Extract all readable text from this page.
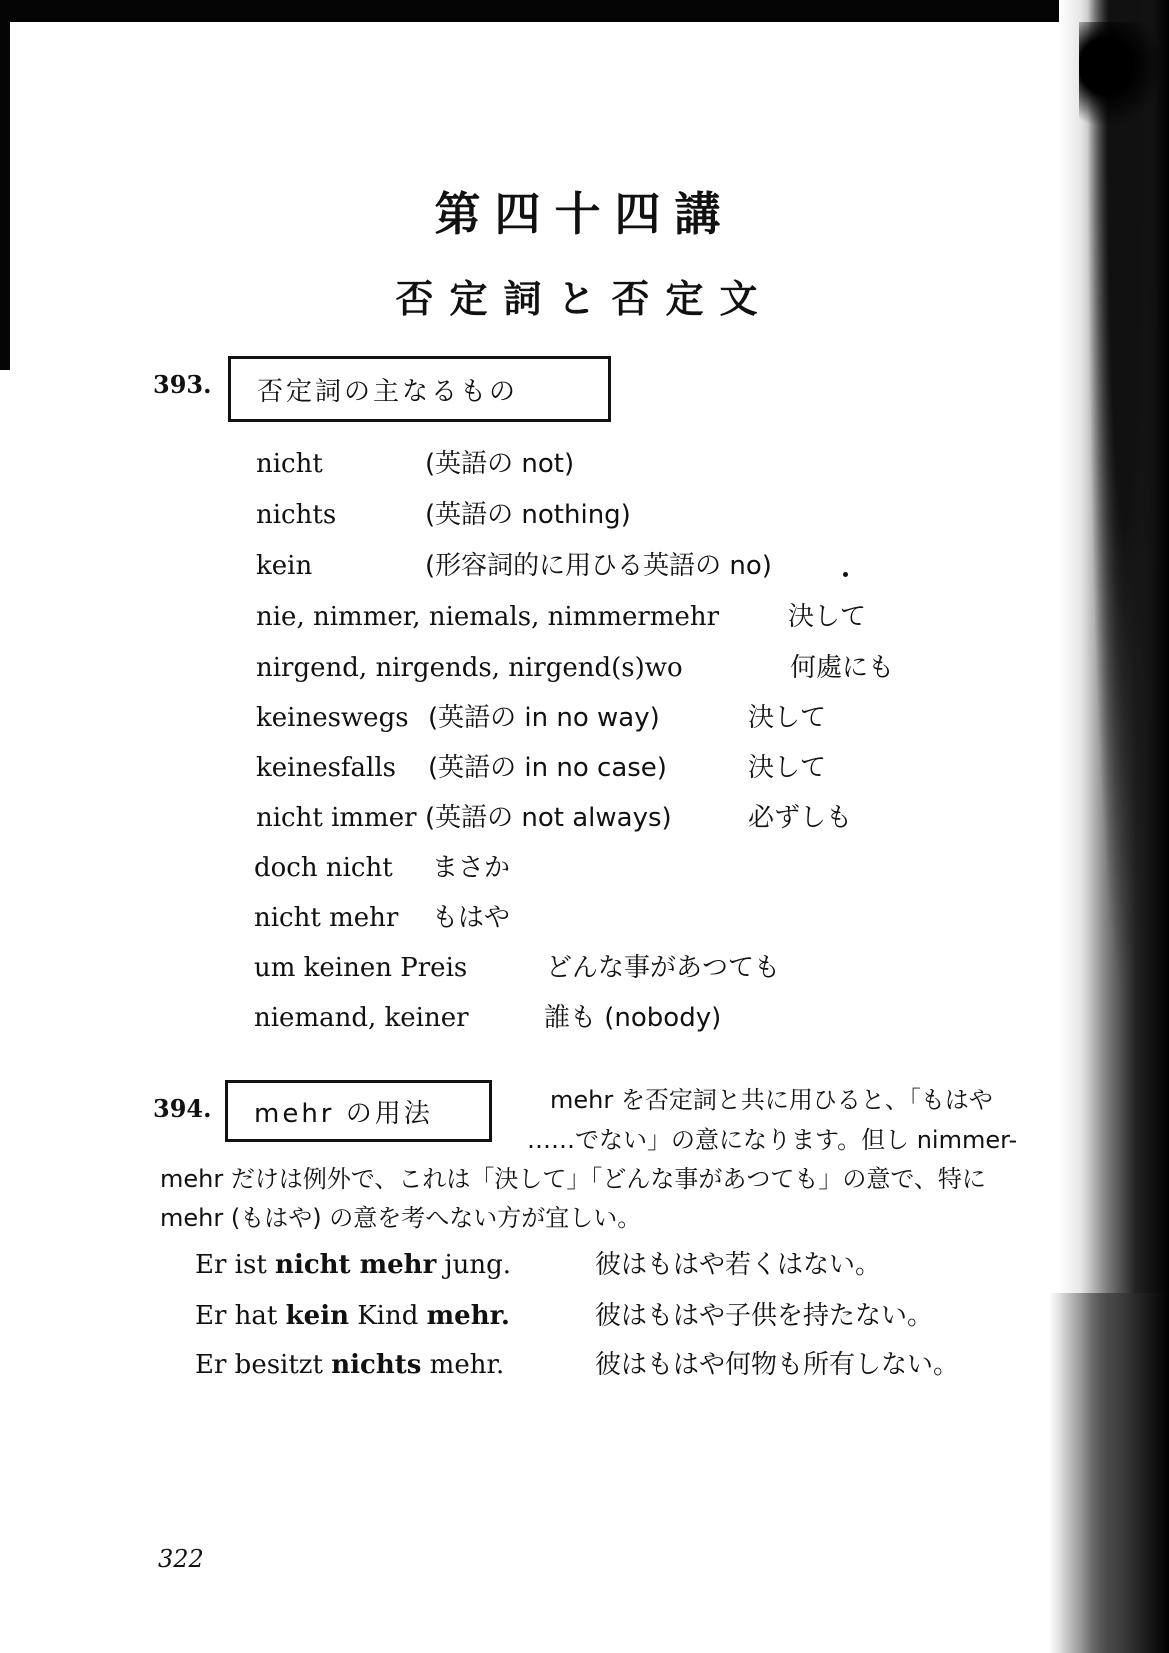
第四十四講
否定詞と否定文
393.	否定詞の主なるもの
nicht	(英語の not)
nichts	(英語の nothing)
kein	(形容詞的に用ひる英語の no)
nie, nimmer, niemals, nimmermehr	決して
nirgend, nirgends, nirgend(s)wo	何處にも
keineswegs (英語の in no way)	決して
keinesfalls (英語の in no case)	決して
nicht immer (英語の not always)	必ずしも
doch nicht まさか
nicht mehr もはや
um keinen Preis	どんな事があつても
niemand, keiner	誰も (nobody)
394.	mehr の用法	mehr を否定詞と共に用ひると、「もはや
……でない」の意になります。但し nimmer-
mehr だけは例外で、これは「決して」「どんな事があつても」の意で、特に
mehr (もはや) の意を考へない方が宜しい。
Er ist nicht mehr jung.	彼はもはや若くはない。
Er hat kein Kind mehr.	彼はもはや子供を持たない。
Er besitzt nichts mehr.	彼はもはや何物も所有しない。
322
